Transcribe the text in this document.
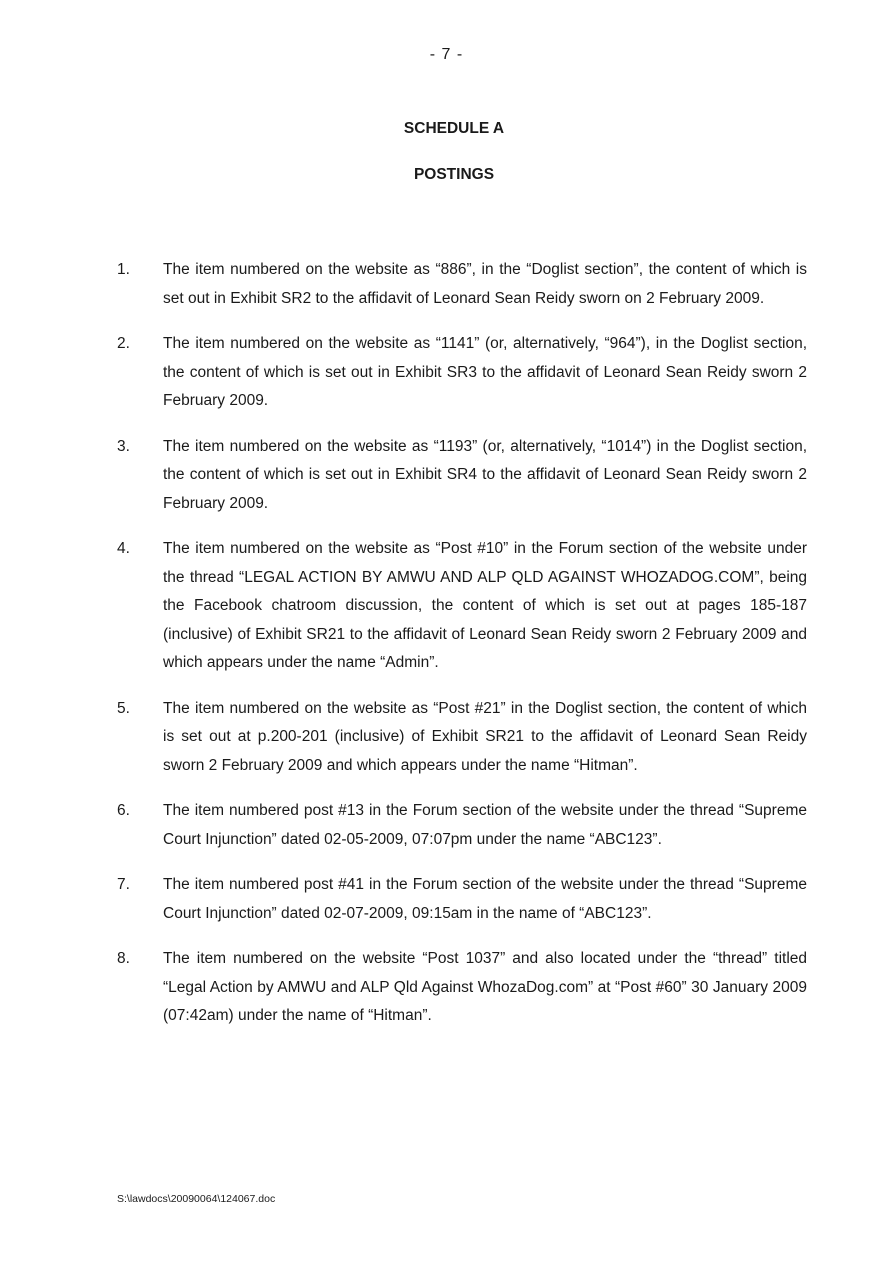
- 7 -
SCHEDULE A
POSTINGS
1.	The item numbered on the website as “886”, in the “Doglist section”, the content of which is set out in Exhibit SR2 to the affidavit of Leonard Sean Reidy sworn on 2 February 2009.
2.	The item numbered on the website as “1141” (or, alternatively, “964”), in the Doglist section, the content of which is set out in Exhibit SR3 to the affidavit of Leonard Sean Reidy sworn 2 February 2009.
3.	The item numbered on the website as “1193” (or, alternatively, “1014”) in the Doglist section, the content of which is set out in Exhibit SR4 to the affidavit of Leonard Sean Reidy sworn 2 February 2009.
4.	The item numbered on the website as “Post #10” in the Forum section of the website under the thread “LEGAL ACTION BY AMWU AND ALP QLD AGAINST WHOZADOG.COM”, being the Facebook chatroom discussion, the content of which is set out at pages 185-187 (inclusive) of Exhibit SR21 to the affidavit of Leonard Sean Reidy sworn 2 February 2009 and which appears under the name “Admin”.
5.	The item numbered on the website as “Post #21” in the Doglist section, the content of which is set out at p.200-201 (inclusive) of Exhibit SR21 to the affidavit of Leonard Sean Reidy sworn 2 February 2009 and which appears under the name “Hitman”.
6.	The item numbered post #13 in the Forum section of the website under the thread “Supreme Court Injunction” dated 02-05-2009, 07:07pm under the name “ABC123”.
7.	The item numbered post #41 in the Forum section of the website under the thread “Supreme Court Injunction” dated 02-07-2009, 09:15am in the name of “ABC123”.
8.	The item numbered on the website “Post 1037” and also located under the “thread” titled “Legal Action by AMWU and ALP Qld Against WhozaDog.com” at “Post #60” 30 January 2009 (07:42am) under the name of “Hitman”.
S:\lawdocs\20090064\124067.doc
